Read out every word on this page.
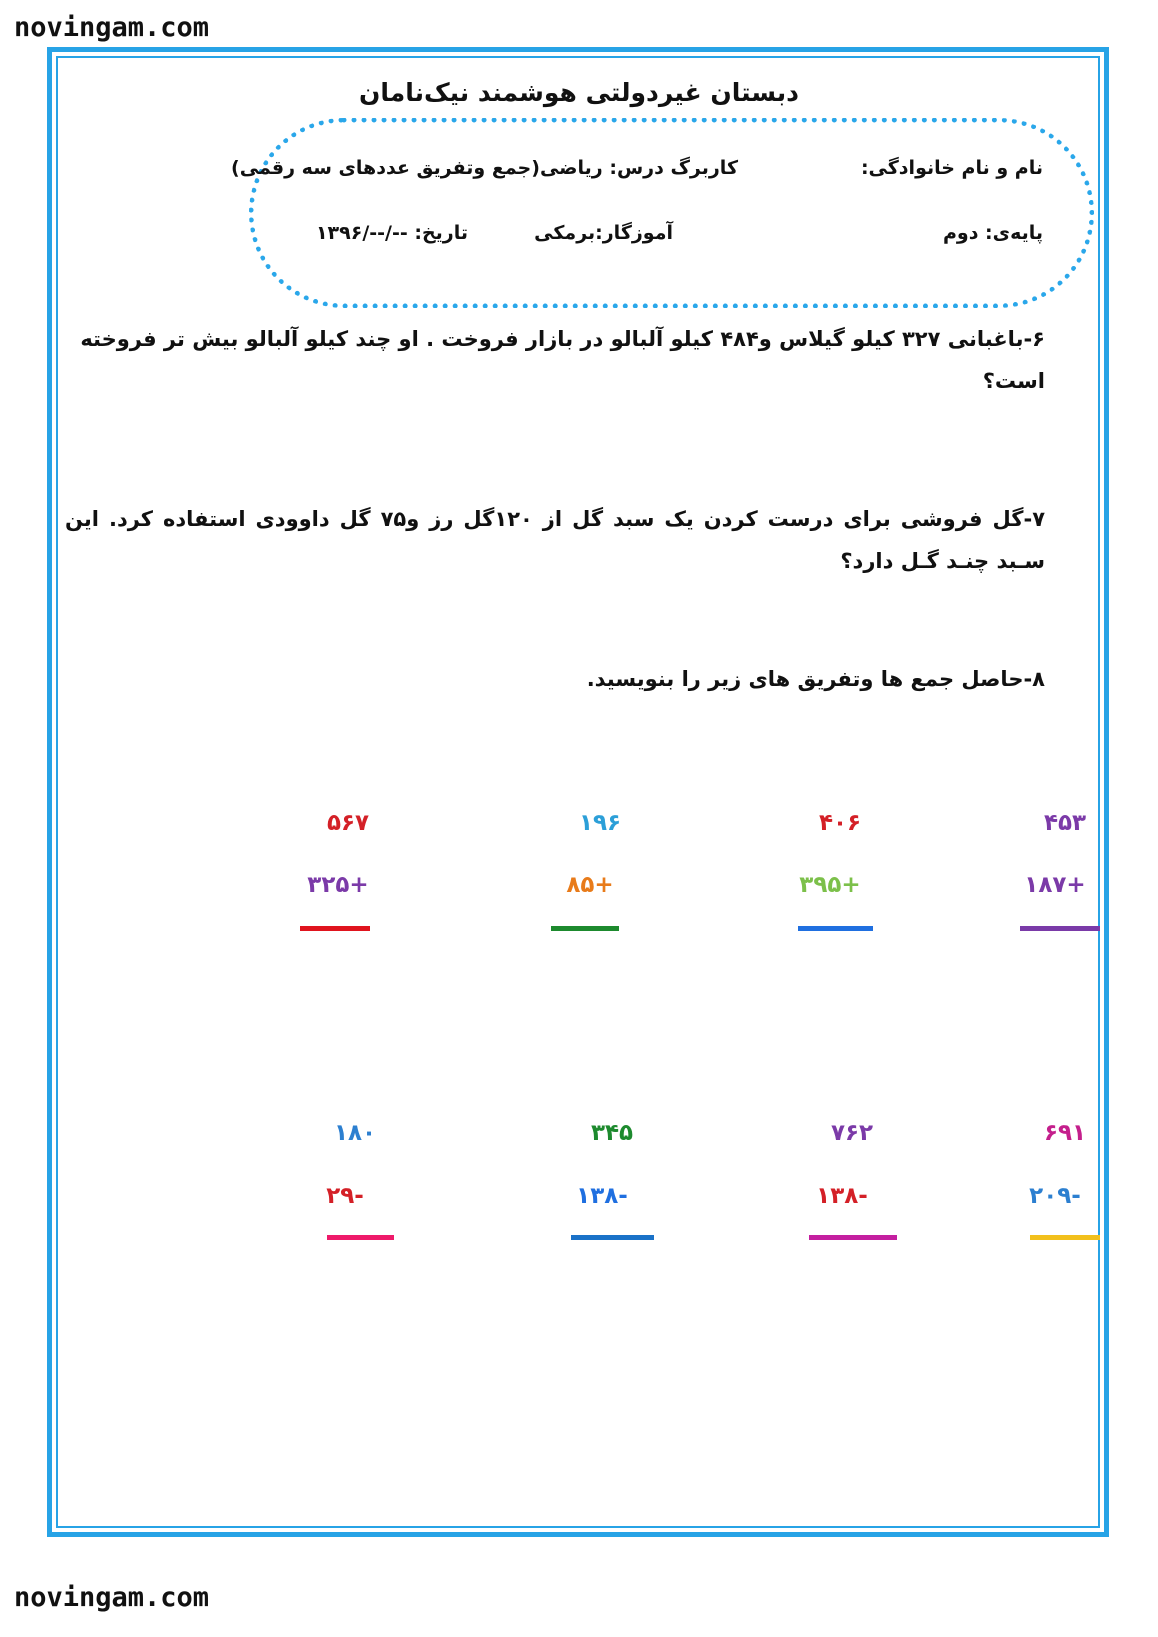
novingam.com
دبستان غیردولتی هوشمند نیک‌نامان
نام و نام خانوادگی:
کاربرگ درس: ریاضی(جمع وتفریق عددهای سه رقمی)
پایه‌ی: دوم
آموزگار:برمکی
تاریخ: --/--/۱۳۹۶
۶-باغبانی ۳۲۷ کیلو گیلاس و۴۸۴ کیلو آلبالو در بازار فروخت . او چند کیلو آلبالو بیش تر فروخته است؟
۷-گل فروشی برای درست کردن یک سبد گل از ۱۲۰گل رز و۷۵ گل داوودی استفاده کرد. این سـبد چنـد گـل دارد؟
۸-حاصل جمع ها وتفریق های زیر را بنویسید.
۴۵۳
+۱۸۷
۴۰۶
+۳۹۵
۱۹۶
+۸۵
۵۶۷
+۳۲۵
۶۹۱
-۲۰۹
۷۶۲
-۱۳۸
۳۴۵
-۱۳۸
۱۸۰
-۲۹
novingam.com
